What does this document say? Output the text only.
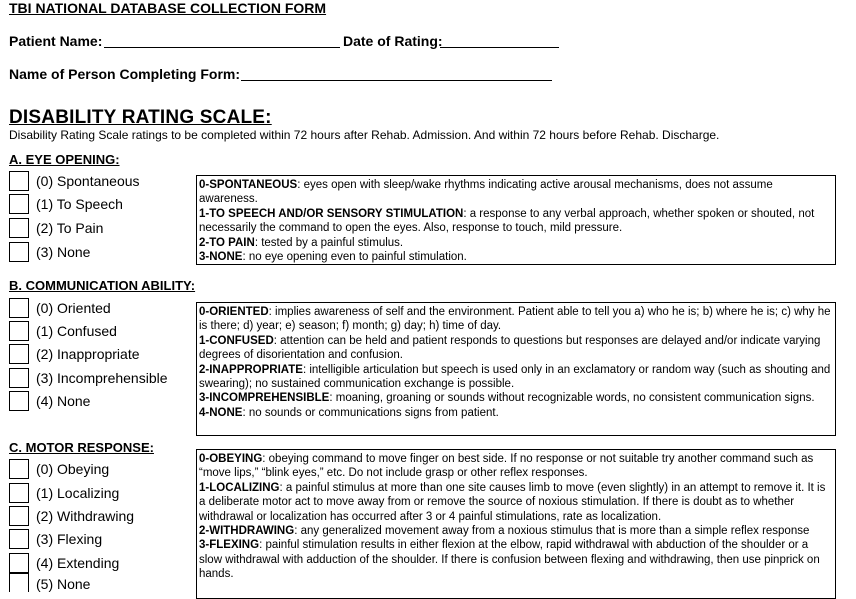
TBI NATIONAL DATABASE COLLECTION FORM
Patient Name:	Date of Rating:
Name of Person Completing Form:
DISABILITY RATING SCALE:
Disability Rating Scale ratings to be completed within 72 hours after Rehab. Admission. And within 72 hours before Rehab. Discharge.
A. EYE OPENING:
(0) Spontaneous
(1) To Speech
(2) To Pain
(3) None

0-SPONTANEOUS: eyes open with sleep/wake rhythms indicating active arousal mechanisms, does not assume awareness.

1-TO SPEECH AND/OR SENSORY STIMULATION: a response to any verbal approach, whether spoken or shouted, not necessarily the command to open the eyes. Also, response to touch, mild pressure.

2-TO PAIN: tested by a painful stimulus.

3-NONE: no eye opening even to painful stimulation.

B. COMMUNICATION ABILITY:
(0) Oriented
(1) Confused
(2) Inappropriate
(3) Incomprehensible
(4) None

0-ORIENTED: implies awareness of self and the environment. Patient able to tell you a) who he is; b) where he is; c) why he is there; d) year; e) season; f) month; g) day; h) time of day.

1-CONFUSED: attention can be held and patient responds to questions but responses are delayed and/or indicate varying degrees of disorientation and confusion.

2-INAPPROPRIATE: intelligible articulation but speech is used only in an exclamatory or random way (such as shouting and swearing); no sustained communication exchange is possible.

3-INCOMPREHENSIBLE: moaning, groaning or sounds without recognizable words, no consistent communication signs.

4-NONE: no sounds or communications signs from patient.

C. MOTOR RESPONSE:
(0) Obeying
(1) Localizing
(2) Withdrawing
(3) Flexing
(4) Extending
(5) None

0-OBEYING: obeying command to move finger on best side. If no response or not suitable try another command such as “move lips,” “blink eyes,” etc. Do not include grasp or other reflex responses.

1-LOCALIZING: a painful stimulus at more than one site causes limb to move (even slightly) in an attempt to remove it. It is a deliberate motor act to move away from or remove the source of noxious stimulation. If there is doubt as to whether withdrawal or localization has occurred after 3 or 4 painful stimulations, rate as localization.

2-WITHDRAWING: any generalized movement away from a noxious stimulus that is more than a simple reflex response

3-FLEXING: painful stimulation results in either flexion at the elbow, rapid withdrawal with abduction of the shoulder or a slow withdrawal with adduction of the shoulder. If there is confusion between flexing and withdrawing, then use pinprick on hands.
